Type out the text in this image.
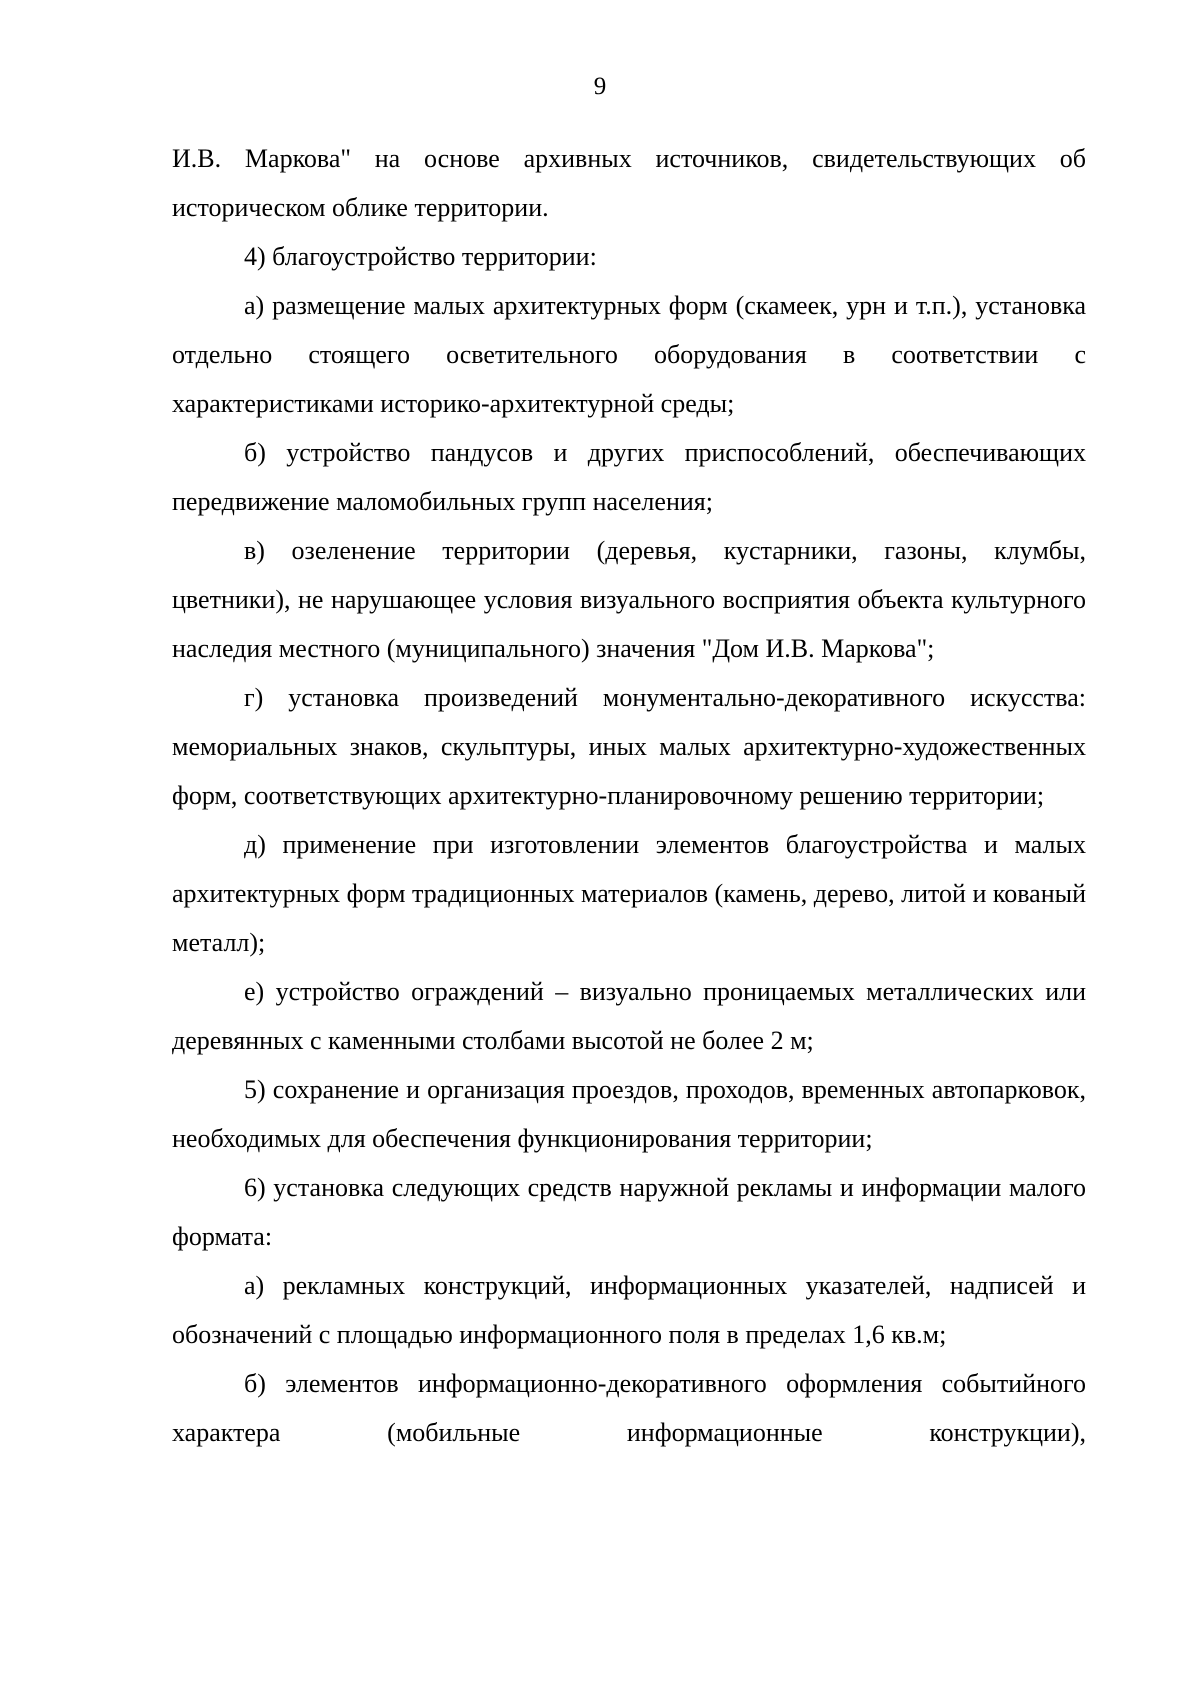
9

И.В. Маркова" на основе архивных источников, свидетельствующих об историческом облике территории.

4) благоустройство территории:

а) размещение малых архитектурных форм (скамеек, урн и т.п.), установка отдельно стоящего осветительного оборудования в соответствии с характеристиками историко-архитектурной среды;

б) устройство пандусов и других приспособлений, обеспечивающих передвижение маломобильных групп населения;

в) озеленение территории (деревья, кустарники, газоны, клумбы, цветники), не нарушающее условия визуального восприятия объекта культурного наследия местного (муниципального) значения "Дом И.В. Маркова";

г) установка произведений монументально-декоративного искусства: мемориальных знаков, скульптуры, иных малых архитектурно-художественных форм, соответствующих архитектурно-планировочному решению территории;

д) применение при изготовлении элементов благоустройства и малых архитектурных форм традиционных материалов (камень, дерево, литой и кованый металл);

е) устройство ограждений – визуально проницаемых металлических или деревянных с каменными столбами высотой не более 2 м;

5) сохранение и организация проездов, проходов, временных автопарковок, необходимых для обеспечения функционирования территории;

6) установка следующих средств наружной рекламы и информации малого формата:

а) рекламных конструкций, информационных указателей, надписей и обозначений с площадью информационного поля в пределах 1,6 кв.м;

б) элементов информационно-декоративного оформления событийного характера (мобильные информационные конструкции),
